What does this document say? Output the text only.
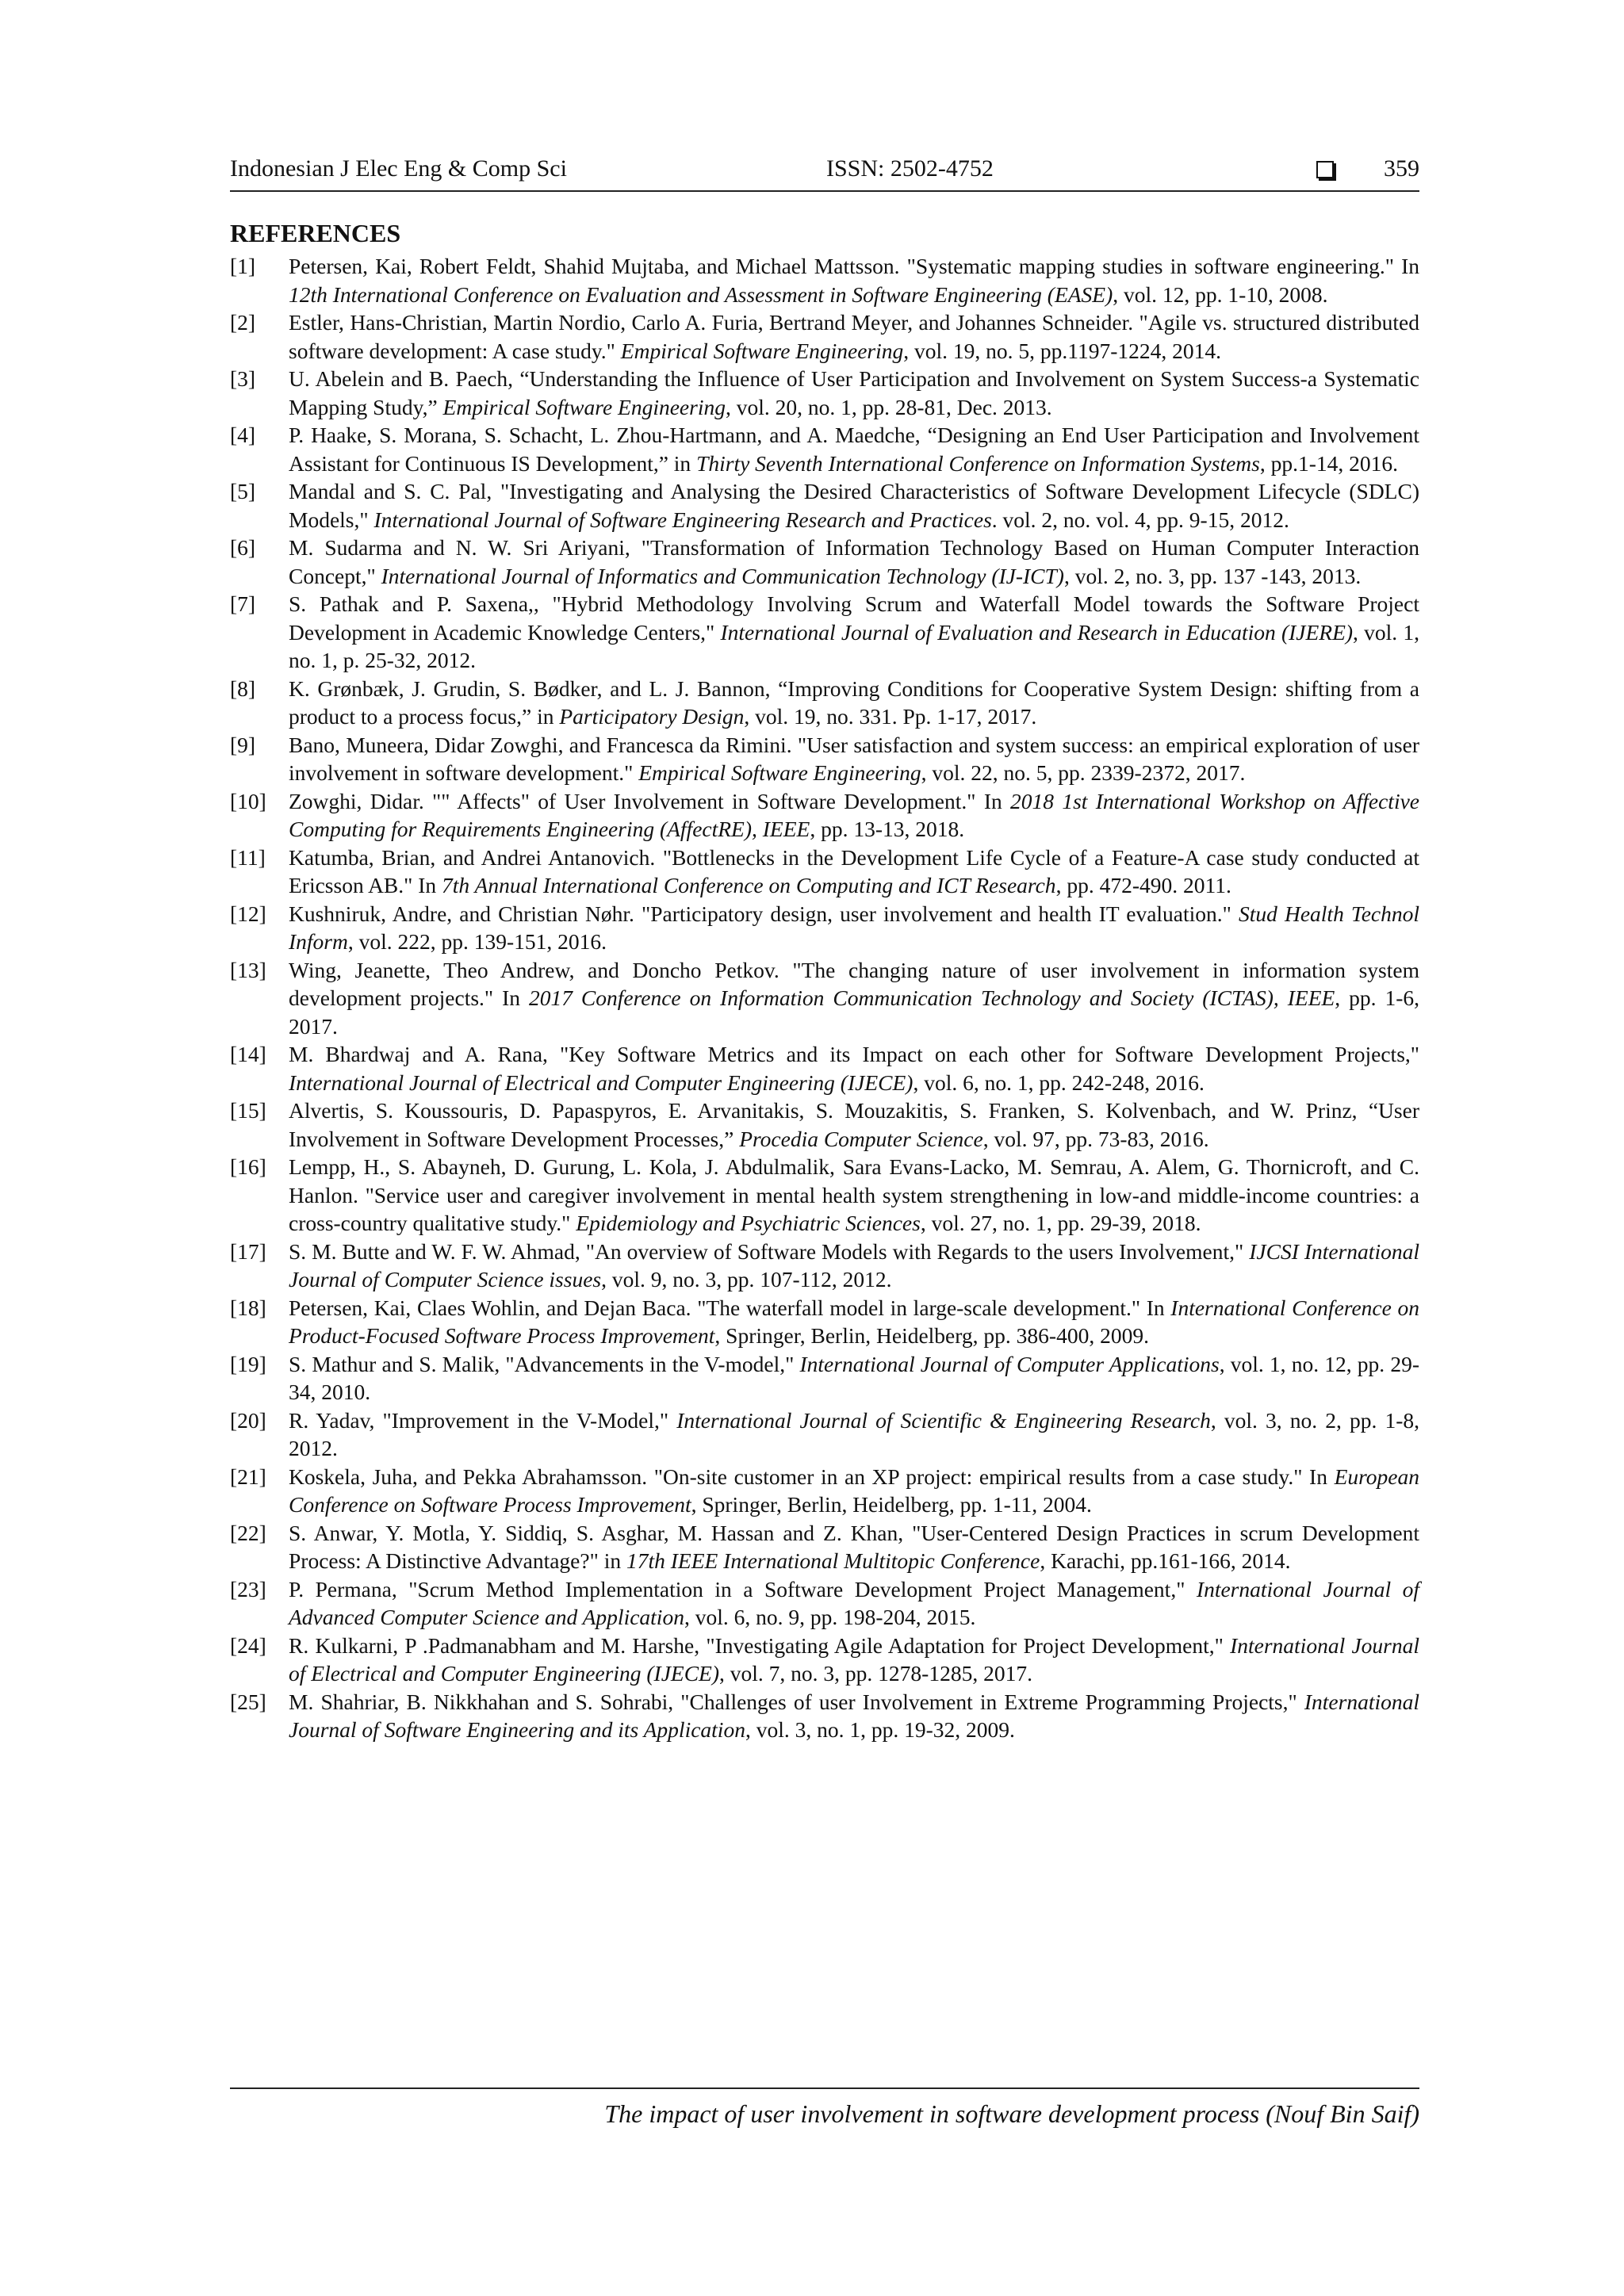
Indonesian J Elec Eng & Comp Sci	ISSN: 2502-4752	359
REFERENCES
[1]	Petersen, Kai, Robert Feldt, Shahid Mujtaba, and Michael Mattsson. "Systematic mapping studies in software engineering." In 12th International Conference on Evaluation and Assessment in Software Engineering (EASE), vol. 12, pp. 1-10, 2008.
[2]	Estler, Hans-Christian, Martin Nordio, Carlo A. Furia, Bertrand Meyer, and Johannes Schneider. "Agile vs. structured distributed software development: A case study." Empirical Software Engineering, vol. 19, no. 5, pp.1197-1224, 2014.
[3]	U. Abelein and B. Paech, “Understanding the Influence of User Participation and Involvement on System Success-a Systematic Mapping Study,” Empirical Software Engineering, vol. 20, no. 1, pp. 28-81, Dec. 2013.
[4]	P. Haake, S. Morana, S. Schacht, L. Zhou-Hartmann, and A. Maedche, “Designing an End User Participation and Involvement Assistant for Continuous IS Development,” in Thirty Seventh International Conference on Information Systems, pp.1-14, 2016.
[5]	Mandal and S. C. Pal, "Investigating and Analysing the Desired Characteristics of Software Development Lifecycle (SDLC) Models," International Journal of Software Engineering Research and Practices. vol. 2, no. vol. 4, pp. 9-15, 2012.
[6]	M. Sudarma and N. W. Sri Ariyani, "Transformation of Information Technology Based on Human Computer Interaction Concept," International Journal of Informatics and Communication Technology (IJ-ICT), vol. 2, no. 3, pp. 137 -143, 2013.
[7]	S. Pathak and P. Saxena,, "Hybrid Methodology Involving Scrum and Waterfall Model towards the Software Project Development in Academic Knowledge Centers," International Journal of Evaluation and Research in Education (IJERE), vol. 1, no. 1, p. 25-32, 2012.
[8]	K. Grønbæk, J. Grudin, S. Bødker, and L. J. Bannon, “Improving Conditions for Cooperative System Design: shifting from a product to a process focus,” in Participatory Design, vol. 19, no. 331. Pp. 1-17, 2017.
[9]	Bano, Muneera, Didar Zowghi, and Francesca da Rimini. "User satisfaction and system success: an empirical exploration of user involvement in software development." Empirical Software Engineering, vol. 22, no. 5, pp. 2339-2372, 2017.
[10]	Zowghi, Didar. "" Affects" of User Involvement in Software Development." In 2018 1st International Workshop on Affective Computing for Requirements Engineering (AffectRE), IEEE, pp. 13-13, 2018.
[11]	Katumba, Brian, and Andrei Antanovich. "Bottlenecks in the Development Life Cycle of a Feature-A case study conducted at Ericsson AB." In 7th Annual International Conference on Computing and ICT Research, pp. 472-490. 2011.
[12]	Kushniruk, Andre, and Christian Nøhr. "Participatory design, user involvement and health IT evaluation." Stud Health Technol Inform, vol. 222, pp. 139-151, 2016.
[13]	Wing, Jeanette, Theo Andrew, and Doncho Petkov. "The changing nature of user involvement in information system development projects." In 2017 Conference on Information Communication Technology and Society (ICTAS), IEEE, pp. 1-6, 2017.
[14]	M. Bhardwaj and A. Rana, "Key Software Metrics and its Impact on each other for Software Development Projects," International Journal of Electrical and Computer Engineering (IJECE), vol. 6, no. 1, pp. 242-248, 2016.
[15]	Alvertis, S. Koussouris, D. Papaspyros, E. Arvanitakis, S. Mouzakitis, S. Franken, S. Kolvenbach, and W. Prinz, “User Involvement in Software Development Processes,” Procedia Computer Science, vol. 97, pp. 73-83, 2016.
[16]	Lempp, H., S. Abayneh, D. Gurung, L. Kola, J. Abdulmalik, Sara Evans-Lacko, M. Semrau, A. Alem, G. Thornicroft, and C. Hanlon. "Service user and caregiver involvement in mental health system strengthening in low-and middle-income countries: a cross-country qualitative study." Epidemiology and Psychiatric Sciences, vol. 27, no. 1, pp. 29-39, 2018.
[17]	S. M. Butte and W. F. W. Ahmad, "An overview of Software Models with Regards to the users Involvement," IJCSI International Journal of Computer Science issues, vol. 9, no. 3, pp. 107-112, 2012.
[18]	Petersen, Kai, Claes Wohlin, and Dejan Baca. "The waterfall model in large-scale development." In International Conference on Product-Focused Software Process Improvement, Springer, Berlin, Heidelberg, pp. 386-400, 2009.
[19]	S. Mathur and S. Malik, "Advancements in the V-model," International Journal of Computer Applications, vol. 1, no. 12, pp. 29-34, 2010.
[20]	R. Yadav, "Improvement in the V-Model," International Journal of Scientific & Engineering Research, vol. 3, no. 2, pp. 1-8, 2012.
[21]	Koskela, Juha, and Pekka Abrahamsson. "On-site customer in an XP project: empirical results from a case study." In European Conference on Software Process Improvement, Springer, Berlin, Heidelberg, pp. 1-11, 2004.
[22]	S. Anwar, Y. Motla, Y. Siddiq, S. Asghar, M. Hassan and Z. Khan, "User-Centered Design Practices in scrum Development Process: A Distinctive Advantage?" in 17th IEEE International Multitopic Conference, Karachi, pp.161-166, 2014.
[23]	P. Permana, "Scrum Method Implementation in a Software Development Project Management," International Journal of Advanced Computer Science and Application, vol. 6, no. 9, pp. 198-204, 2015.
[24]	R. Kulkarni, P .Padmanabham and M. Harshe, "Investigating Agile Adaptation for Project Development," International Journal of Electrical and Computer Engineering (IJECE), vol. 7, no. 3, pp. 1278-1285, 2017.
[25]	M. Shahriar, B. Nikkhahan and S. Sohrabi, "Challenges of user Involvement in Extreme Programming Projects," International Journal of Software Engineering and its Application, vol. 3, no. 1, pp. 19-32, 2009.
The impact of user involvement in software development process (Nouf Bin Saif)
